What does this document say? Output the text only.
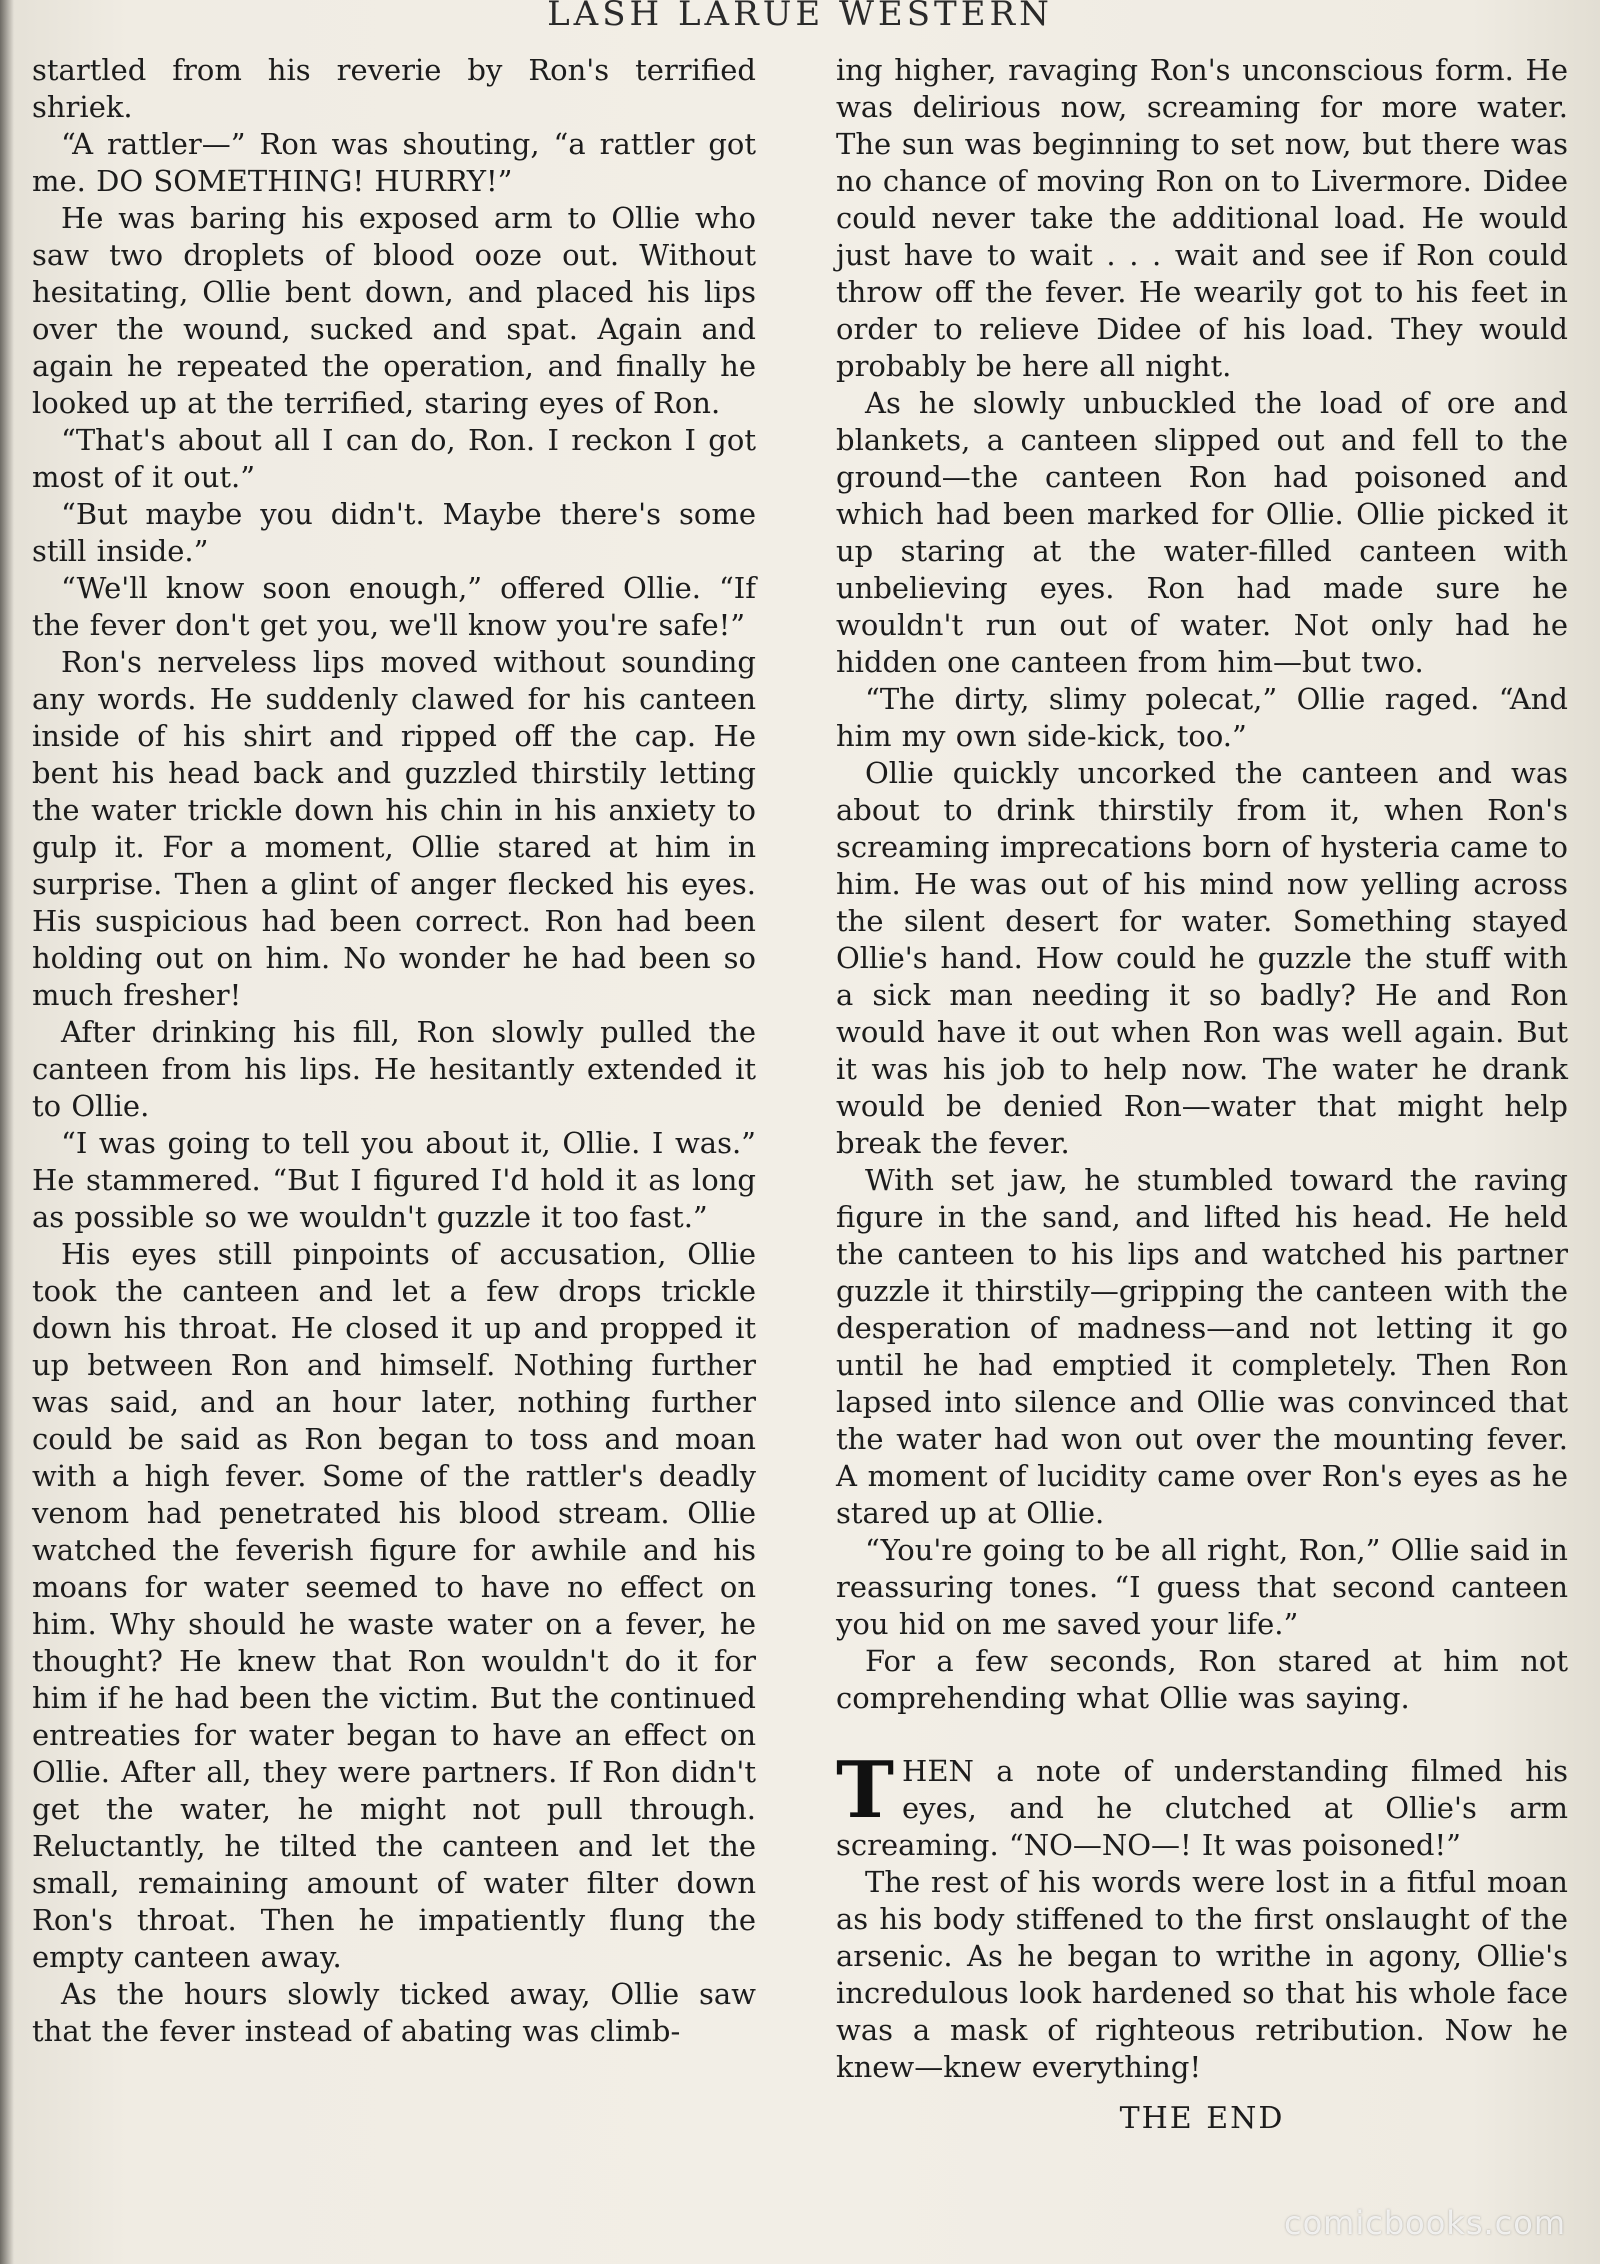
LASH LARUE WESTERN

startled from his reverie by Ron's terrified shriek.

“A rattler—” Ron was shouting, “a rattler got me. DO SOMETHING! HURRY!”

He was baring his exposed arm to Ollie who saw two droplets of blood ooze out. Without hesitating, Ollie bent down, and placed his lips over the wound, sucked and spat. Again and again he repeated the operation, and finally he looked up at the terrified, staring eyes of Ron.

“That's about all I can do, Ron. I reckon I got most of it out.”

“But maybe you didn't. Maybe there's some still inside.”

“We'll know soon enough,” offered Ollie. “If the fever don't get you, we'll know you're safe!”

Ron's nerveless lips moved without sounding any words. He suddenly clawed for his canteen inside of his shirt and ripped off the cap. He bent his head back and guzzled thirstily letting the water trickle down his chin in his anxiety to gulp it. For a moment, Ollie stared at him in surprise. Then a glint of anger flecked his eyes. His suspicious had been correct. Ron had been holding out on him. No wonder he had been so much fresher!

After drinking his fill, Ron slowly pulled the canteen from his lips. He hesitantly extended it to Ollie.

“I was going to tell you about it, Ollie. I was.” He stammered. “But I figured I'd hold it as long as possible so we wouldn't guzzle it too fast.”

His eyes still pinpoints of accusation, Ollie took the canteen and let a few drops trickle down his throat. He closed it up and propped it up between Ron and himself. Nothing further was said, and an hour later, nothing further could be said as Ron began to toss and moan with a high fever. Some of the rattler's deadly venom had penetrated his blood stream. Ollie watched the feverish figure for awhile and his moans for water seemed to have no effect on him. Why should he waste water on a fever, he thought? He knew that Ron wouldn't do it for him if he had been the victim. But the continued entreaties for water began to have an effect on Ollie. After all, they were partners. If Ron didn't get the water, he might not pull through. Reluctantly, he tilted the canteen and let the small, remaining amount of water filter down Ron's throat. Then he impatiently flung the empty canteen away.

As the hours slowly ticked away, Ollie saw that the fever instead of abating was climb-

ing higher, ravaging Ron's unconscious form. He was delirious now, screaming for more water. The sun was beginning to set now, but there was no chance of moving Ron on to Livermore. Didee could never take the additional load. He would just have to wait . . . wait and see if Ron could throw off the fever. He wearily got to his feet in order to relieve Didee of his load. They would probably be here all night.

As he slowly unbuckled the load of ore and blankets, a canteen slipped out and fell to the ground—the canteen Ron had poisoned and which had been marked for Ollie. Ollie picked it up staring at the water-filled canteen with unbelieving eyes. Ron had made sure he wouldn't run out of water. Not only had he hidden one canteen from him—but two.

“The dirty, slimy polecat,” Ollie raged. “And him my own side-kick, too.”

Ollie quickly uncorked the canteen and was about to drink thirstily from it, when Ron's screaming imprecations born of hysteria came to him. He was out of his mind now yelling across the silent desert for water. Something stayed Ollie's hand. How could he guzzle the stuff with a sick man needing it so badly? He and Ron would have it out when Ron was well again. But it was his job to help now. The water he drank would be denied Ron—water that might help break the fever.

With set jaw, he stumbled toward the raving figure in the sand, and lifted his head. He held the canteen to his lips and watched his partner guzzle it thirstily—gripping the canteen with the desperation of madness—and not letting it go until he had emptied it completely. Then Ron lapsed into silence and Ollie was convinced that the water had won out over the mounting fever. A moment of lucidity came over Ron's eyes as he stared up at Ollie.

“You're going to be all right, Ron,” Ollie said in reassuring tones. “I guess that second canteen you hid on me saved your life.”

For a few seconds, Ron stared at him not comprehending what Ollie was saying.

THEN a note of understanding filmed his eyes, and he clutched at Ollie's arm screaming. “NO—NO—! It was poisoned!”

The rest of his words were lost in a fitful moan as his body stiffened to the first onslaught of the arsenic. As he began to writhe in agony, Ollie's incredulous look hardened so that his whole face was a mask of righteous retribution. Now he knew—knew everything!

THE END
comicbooks.com
